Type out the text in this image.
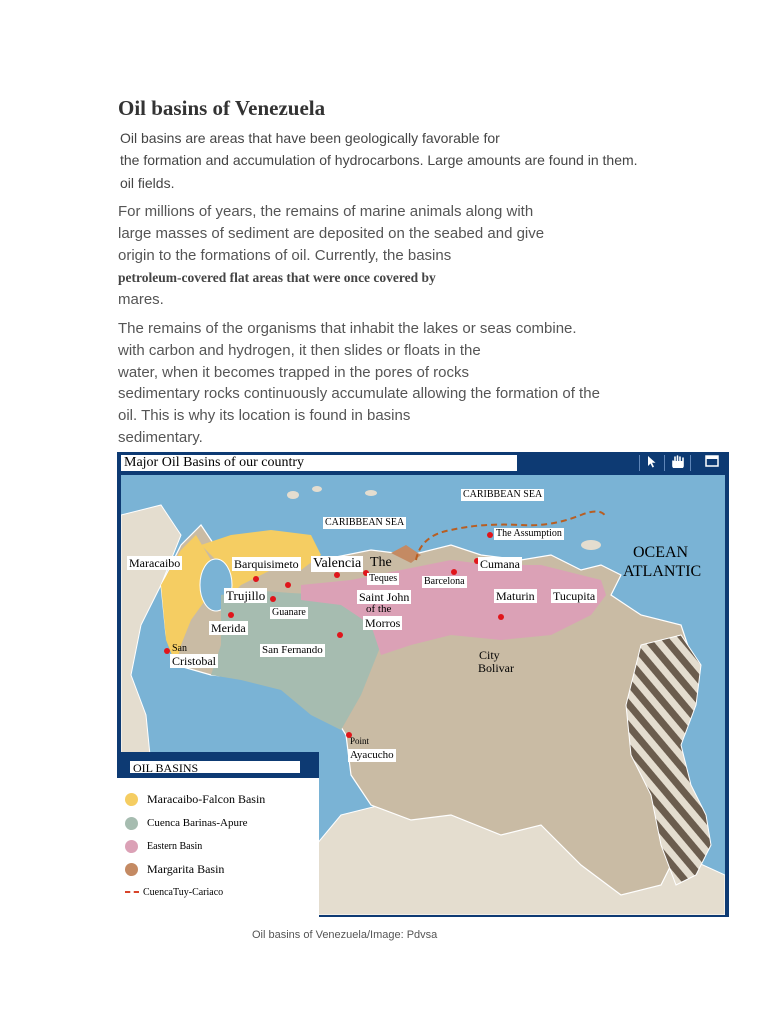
Oil basins of Venezuela
Oil basins are areas that have been geologically favorable for
the formation and accumulation of hydrocarbons. Large amounts are found in them.
oil fields.
For millions of years, the remains of marine animals along with
large masses of sediment are deposited on the seabed and give
origin to the formations of oil. Currently, the basins
petroleum-covered flat areas that were once covered by
mares.
The remains of the organisms that inhabit the lakes or seas combine.
with carbon and hydrogen, it then slides or floats in the
water, when it becomes trapped in the pores of rocks
sedimentary rocks continuously accumulate allowing the formation of the
oil. This is why its location is found in basins
sedimentary.
Major Oil Basins of our country
CARIBBEAN SEA
CARIBBEAN SEA
OCEAN
ATLANTIC
Maracaibo	Barquisimeto Valencia The
Teques
The Assumption
Cumana
Barcelona
Trujillo
Guanare
Saint John
of the
Morros
Maturin Tucupita
Merida
San
Cristobal
San Fernando	City
Bolivar
Point
Ayacucho
OIL BASINS
Maracaibo-Falcon Basin
Cuenca Barinas-Apure
Eastern Basin
Margarita Basin
CuencaTuy-Cariaco
Oil basins of Venezuela/Image: Pdvsa
